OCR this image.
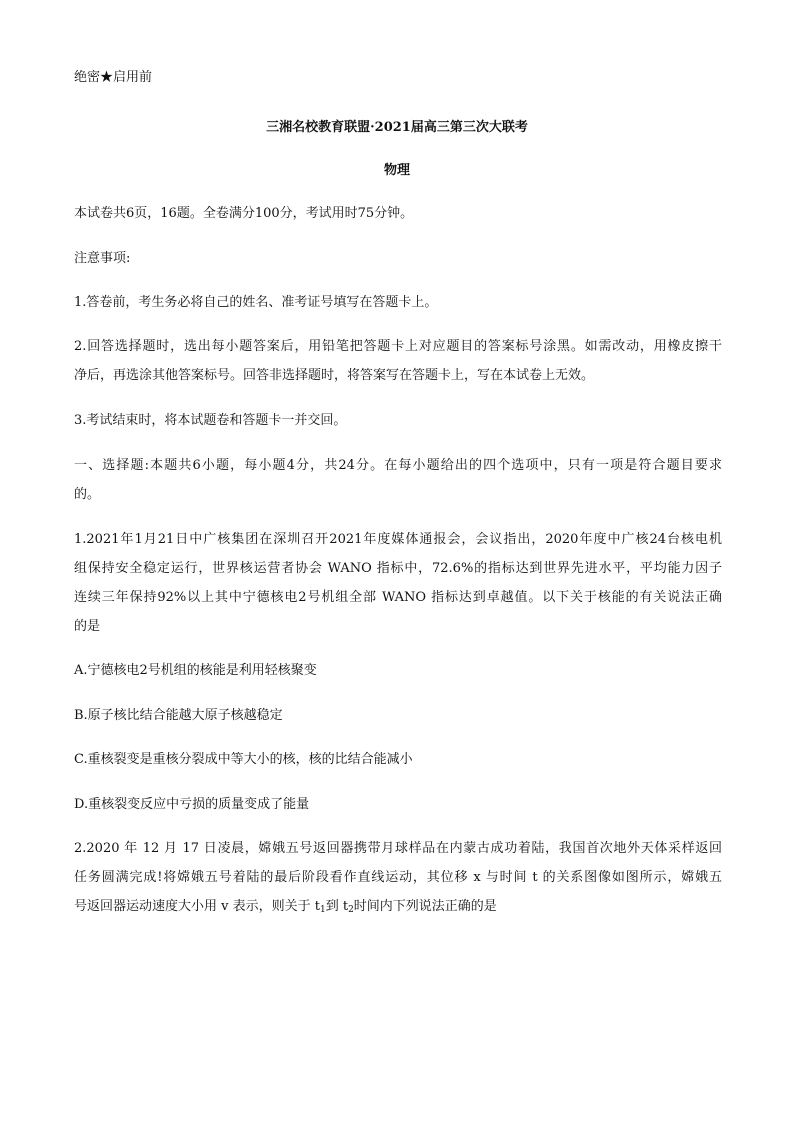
绝密★启用前
三湘名校教育联盟·2021届高三第三次大联考
物理
本试卷共6页，16题。全卷满分100分，考试用时75分钟。
注意事项:
1.答卷前，考生务必将自己的姓名、准考证号填写在答题卡上。
2.回答选择题时，选出每小题答案后，用铅笔把答题卡上对应题目的答案标号涂黑。如需改动，用橡皮擦干
净后，再选涂其他答案标号。回答非选择题时，将答案写在答题卡上，写在本试卷上无效。
3.考试结束时，将本试题卷和答题卡一并交回。
一、选择题:本题共6小题，每小题4分，共24分。在每小题给出的四个选项中，只有一项是符合题目要求
的。
1.2021年1月21日中广核集团在深圳召开2021年度媒体通报会，会议指出，2020年度中广核24台核电机
组保持安全稳定运行，世界核运营者协会 WANO 指标中，72.6%的指标达到世界先进水平，平均能力因子
连续三年保持92%以上其中宁德核电2号机组全部 WANO 指标达到卓越值。以下关于核能的有关说法正确
的是
A.宁德核电2号机组的核能是利用轻核聚变
B.原子核比结合能越大原子核越稳定
C.重核裂变是重核分裂成中等大小的核，核的比结合能减小
D.重核裂变反应中亏损的质量变成了能量
2.2020 年 12 月 17 日凌晨，嫦娥五号返回器携带月球样品在内蒙古成功着陆，我国首次地外天体采样返回
任务圆满完成!将嫦娥五号着陆的最后阶段看作直线运动，其位移 x 与时间 t 的关系图像如图所示，嫦娥五
号返回器运动速度大小用 v 表示，则关于 $t_1$到 $t_2$时间内下列说法正确的是
